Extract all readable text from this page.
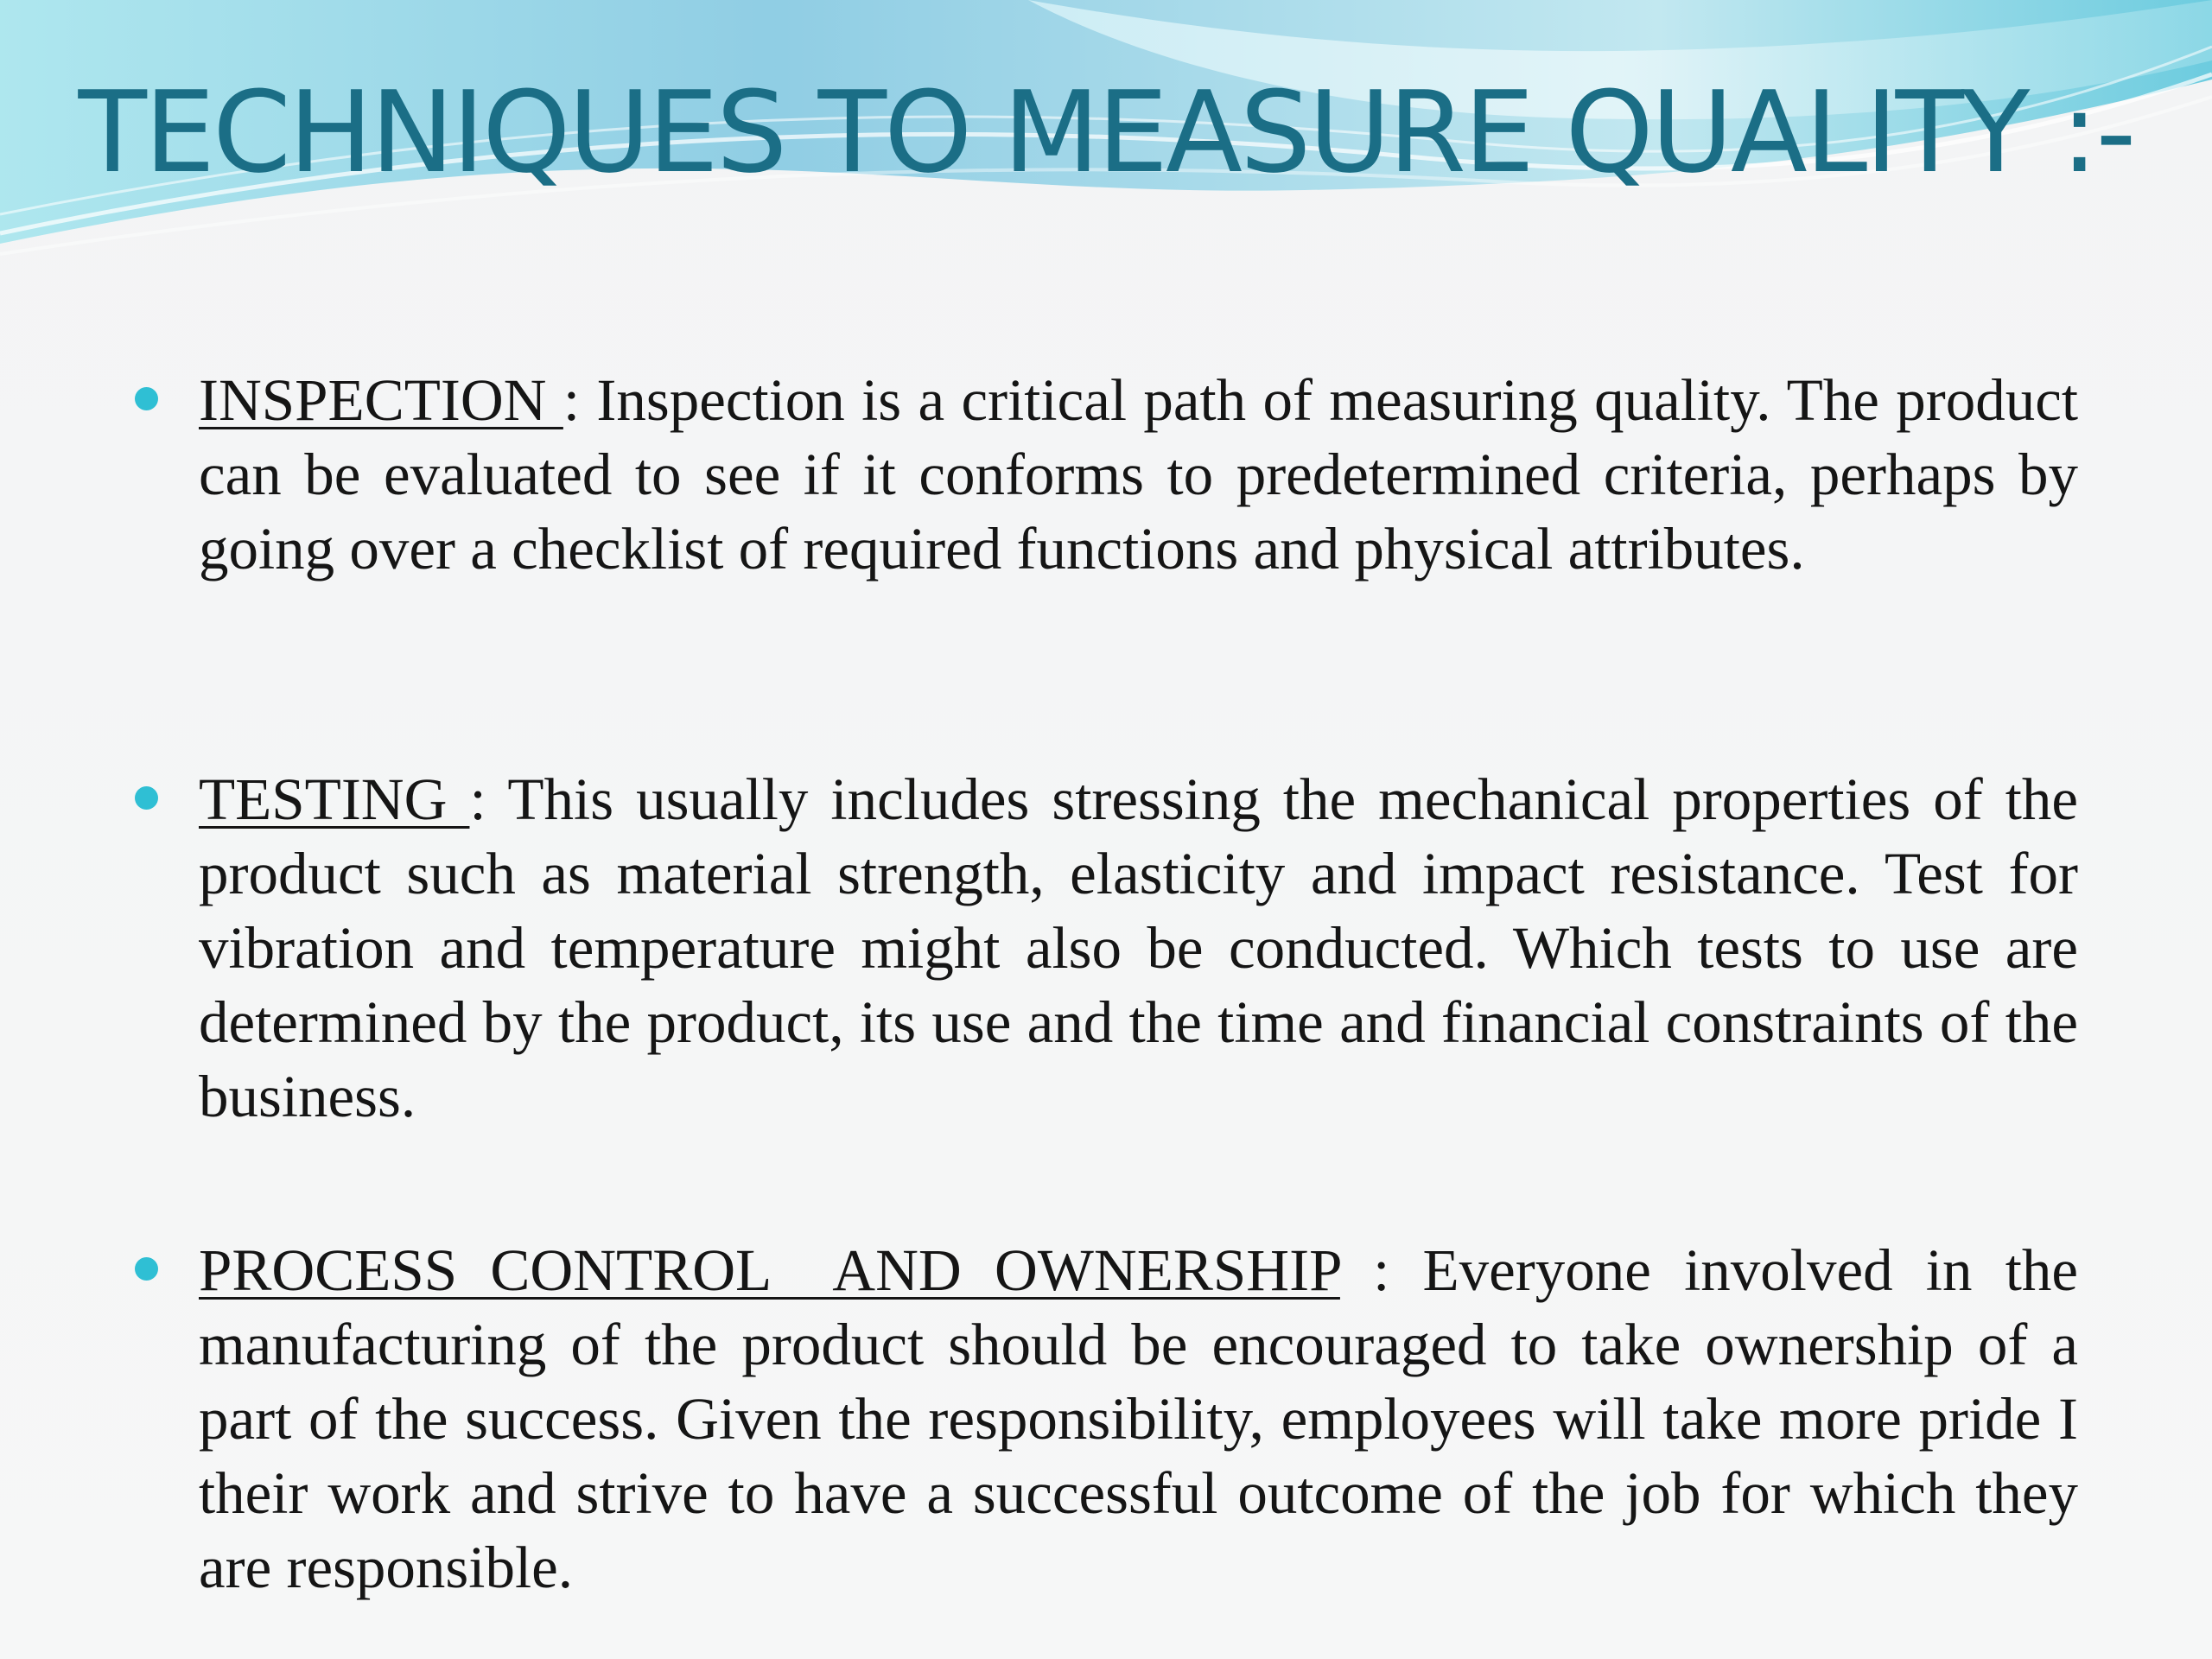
TECHNIQUES TO MEASURE QUALITY :-
INSPECTION : Inspection is a critical path of measuring quality. The product can be evaluated to see if it conforms to predetermined criteria, perhaps by going over a checklist of required functions and physical attributes.
TESTING : This usually includes stressing the mechanical properties of the product such as material strength, elasticity and impact resistance. Test for vibration and temperature might also be conducted. Which tests to use are determined by the product, its use and the time and financial constraints of the business.
PROCESS CONTROL  AND OWNERSHIP : Everyone involved in the manufacturing of the product should be encouraged to take ownership of a part of the success. Given the responsibility, employees will take more pride I their work and strive to have a successful outcome of the job for which they are responsible.
